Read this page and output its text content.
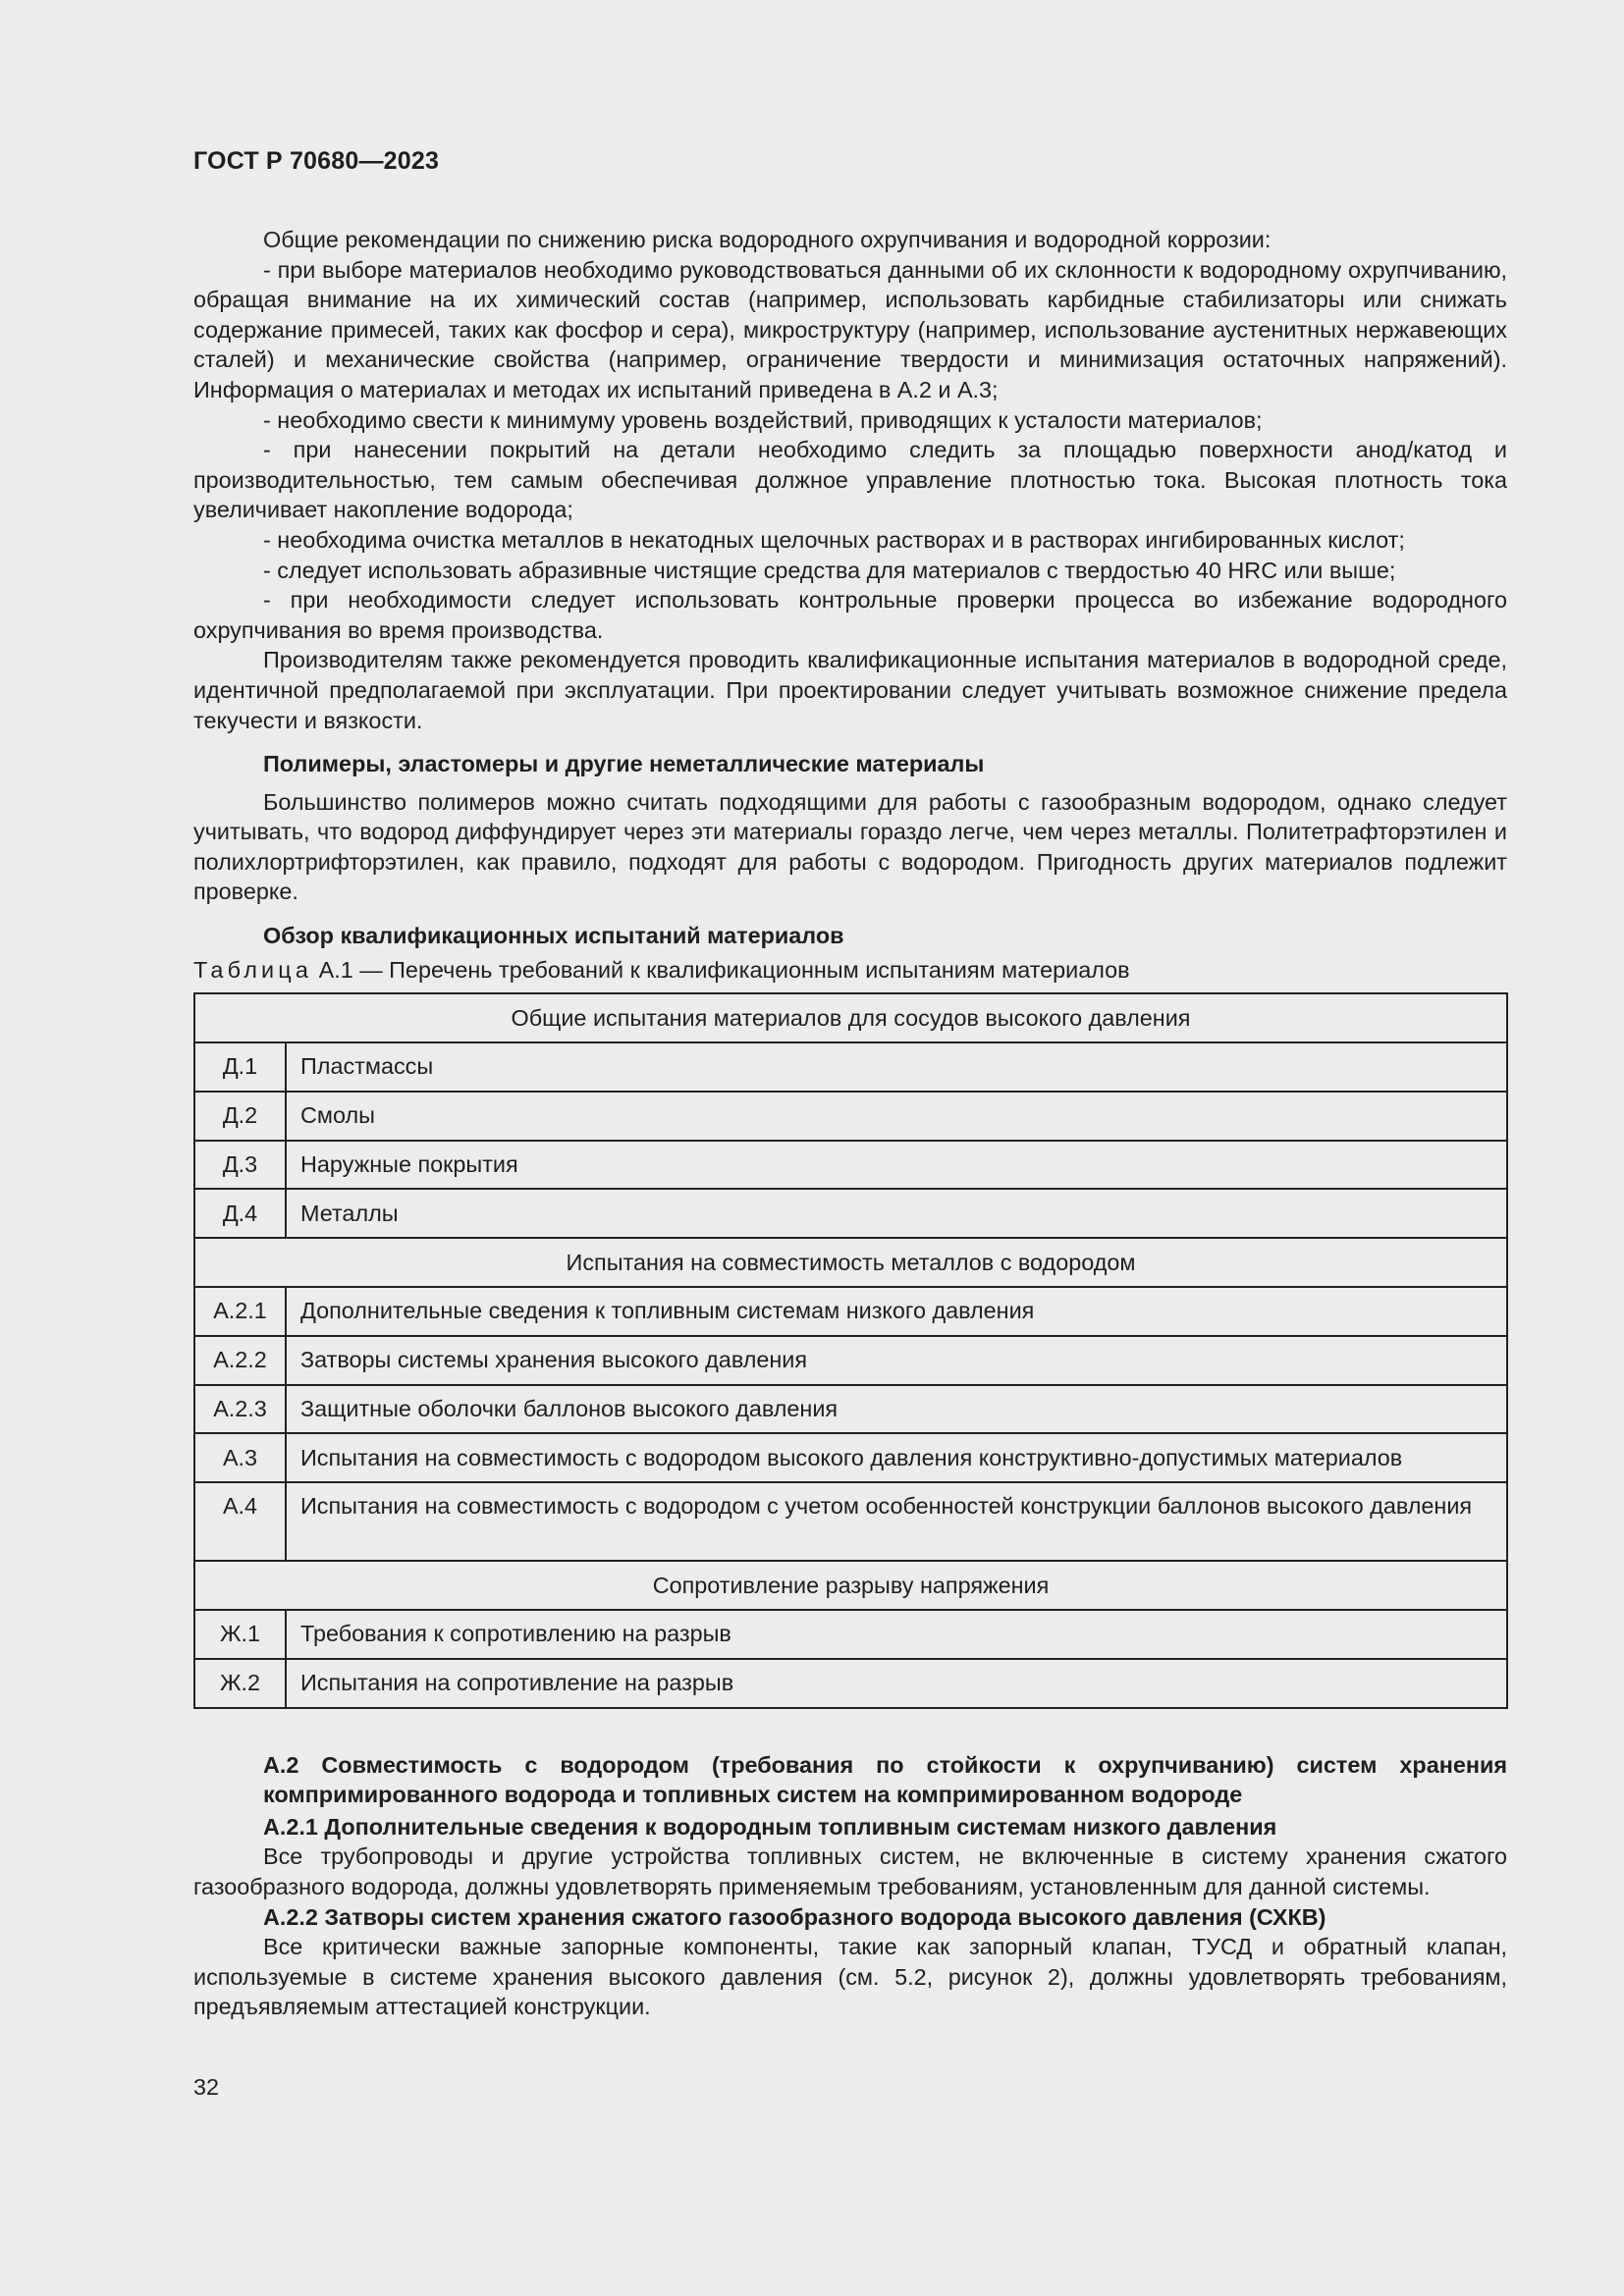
ГОСТ Р 70680—2023

Общие рекомендации по снижению риска водородного охрупчивания и водородной коррозии:

- при выборе материалов необходимо руководствоваться данными об их склонности к водородному охрупчиванию, обращая внимание на их химический состав (например, использовать карбидные стабилизаторы или снижать содержание примесей, таких как фосфор и сера), микроструктуру (например, использование аустенитных нержавеющих сталей) и механические свойства (например, ограничение твердости и минимизация остаточных напряжений). Информация о материалах и методах их испытаний приведена в А.2 и А.3;

- необходимо свести к минимуму уровень воздействий, приводящих к усталости материалов;

- при нанесении покрытий на детали необходимо следить за площадью поверхности анод/катод и производительностью, тем самым обеспечивая должное управление плотностью тока. Высокая плотность тока увеличивает накопление водорода;

- необходима очистка металлов в некатодных щелочных растворах и в растворах ингибированных кислот;

- следует использовать абразивные чистящие средства для материалов с твердостью 40 HRC или выше;

- при необходимости следует использовать контрольные проверки процесса во избежание водородного охрупчивания во время производства.

Производителям также рекомендуется проводить квалификационные испытания материалов в водородной среде, идентичной предполагаемой при эксплуатации. При проектировании следует учитывать возможное снижение предела текучести и вязкости.

Полимеры, эластомеры и другие неметаллические материалы

Большинство полимеров можно считать подходящими для работы с газообразным водородом, однако следует учитывать, что водород диффундирует через эти материалы гораздо легче, чем через металлы. Политетрафторэтилен и полихлортрифторэтилен, как правило, подходят для работы с водородом. Пригодность других материалов подлежит проверке.

Обзор квалификационных испытаний материалов

Таблица А.1 — Перечень требований к квалификационным испытаниям материалов

Общие испытания материалов для сосудов высокого давления	
Д.1	Пластмассы
Д.2	Смолы
Д.3	Наружные покрытия
Д.4	Металлы
Испытания на совместимость металлов с водородом	
А.2.1	Дополнительные сведения к топливным системам низкого давления
А.2.2	Затворы системы хранения высокого давления
А.2.3	Защитные оболочки баллонов высокого давления
А.3	Испытания на совместимость с водородом высокого давления конструктивно-допустимых материалов
А.4	Испытания на совместимость с водородом с учетом особенностей конструкции баллонов высокого давления
Сопротивление разрыву напряжения	
Ж.1	Требования к сопротивлению на разрыв
Ж.2	Испытания на сопротивление на разрыв

А.2 Совместимость с водородом (требования по стойкости к охрупчиванию) систем хранения компримированного водорода и топливных систем на компримированном водороде

А.2.1 Дополнительные сведения к водородным топливным системам низкого давления

Все трубопроводы и другие устройства топливных систем, не включенные в систему хранения сжатого газообразного водорода, должны удовлетворять применяемым требованиям, установленным для данной системы.

А.2.2 Затворы систем хранения сжатого газообразного водорода высокого давления (СХКВ)

Все критически важные запорные компоненты, такие как запорный клапан, ТУСД и обратный клапан, используемые в системе хранения высокого давления (см. 5.2, рисунок 2), должны удовлетворять требованиям, предъявляемым аттестацией конструкции.

32
